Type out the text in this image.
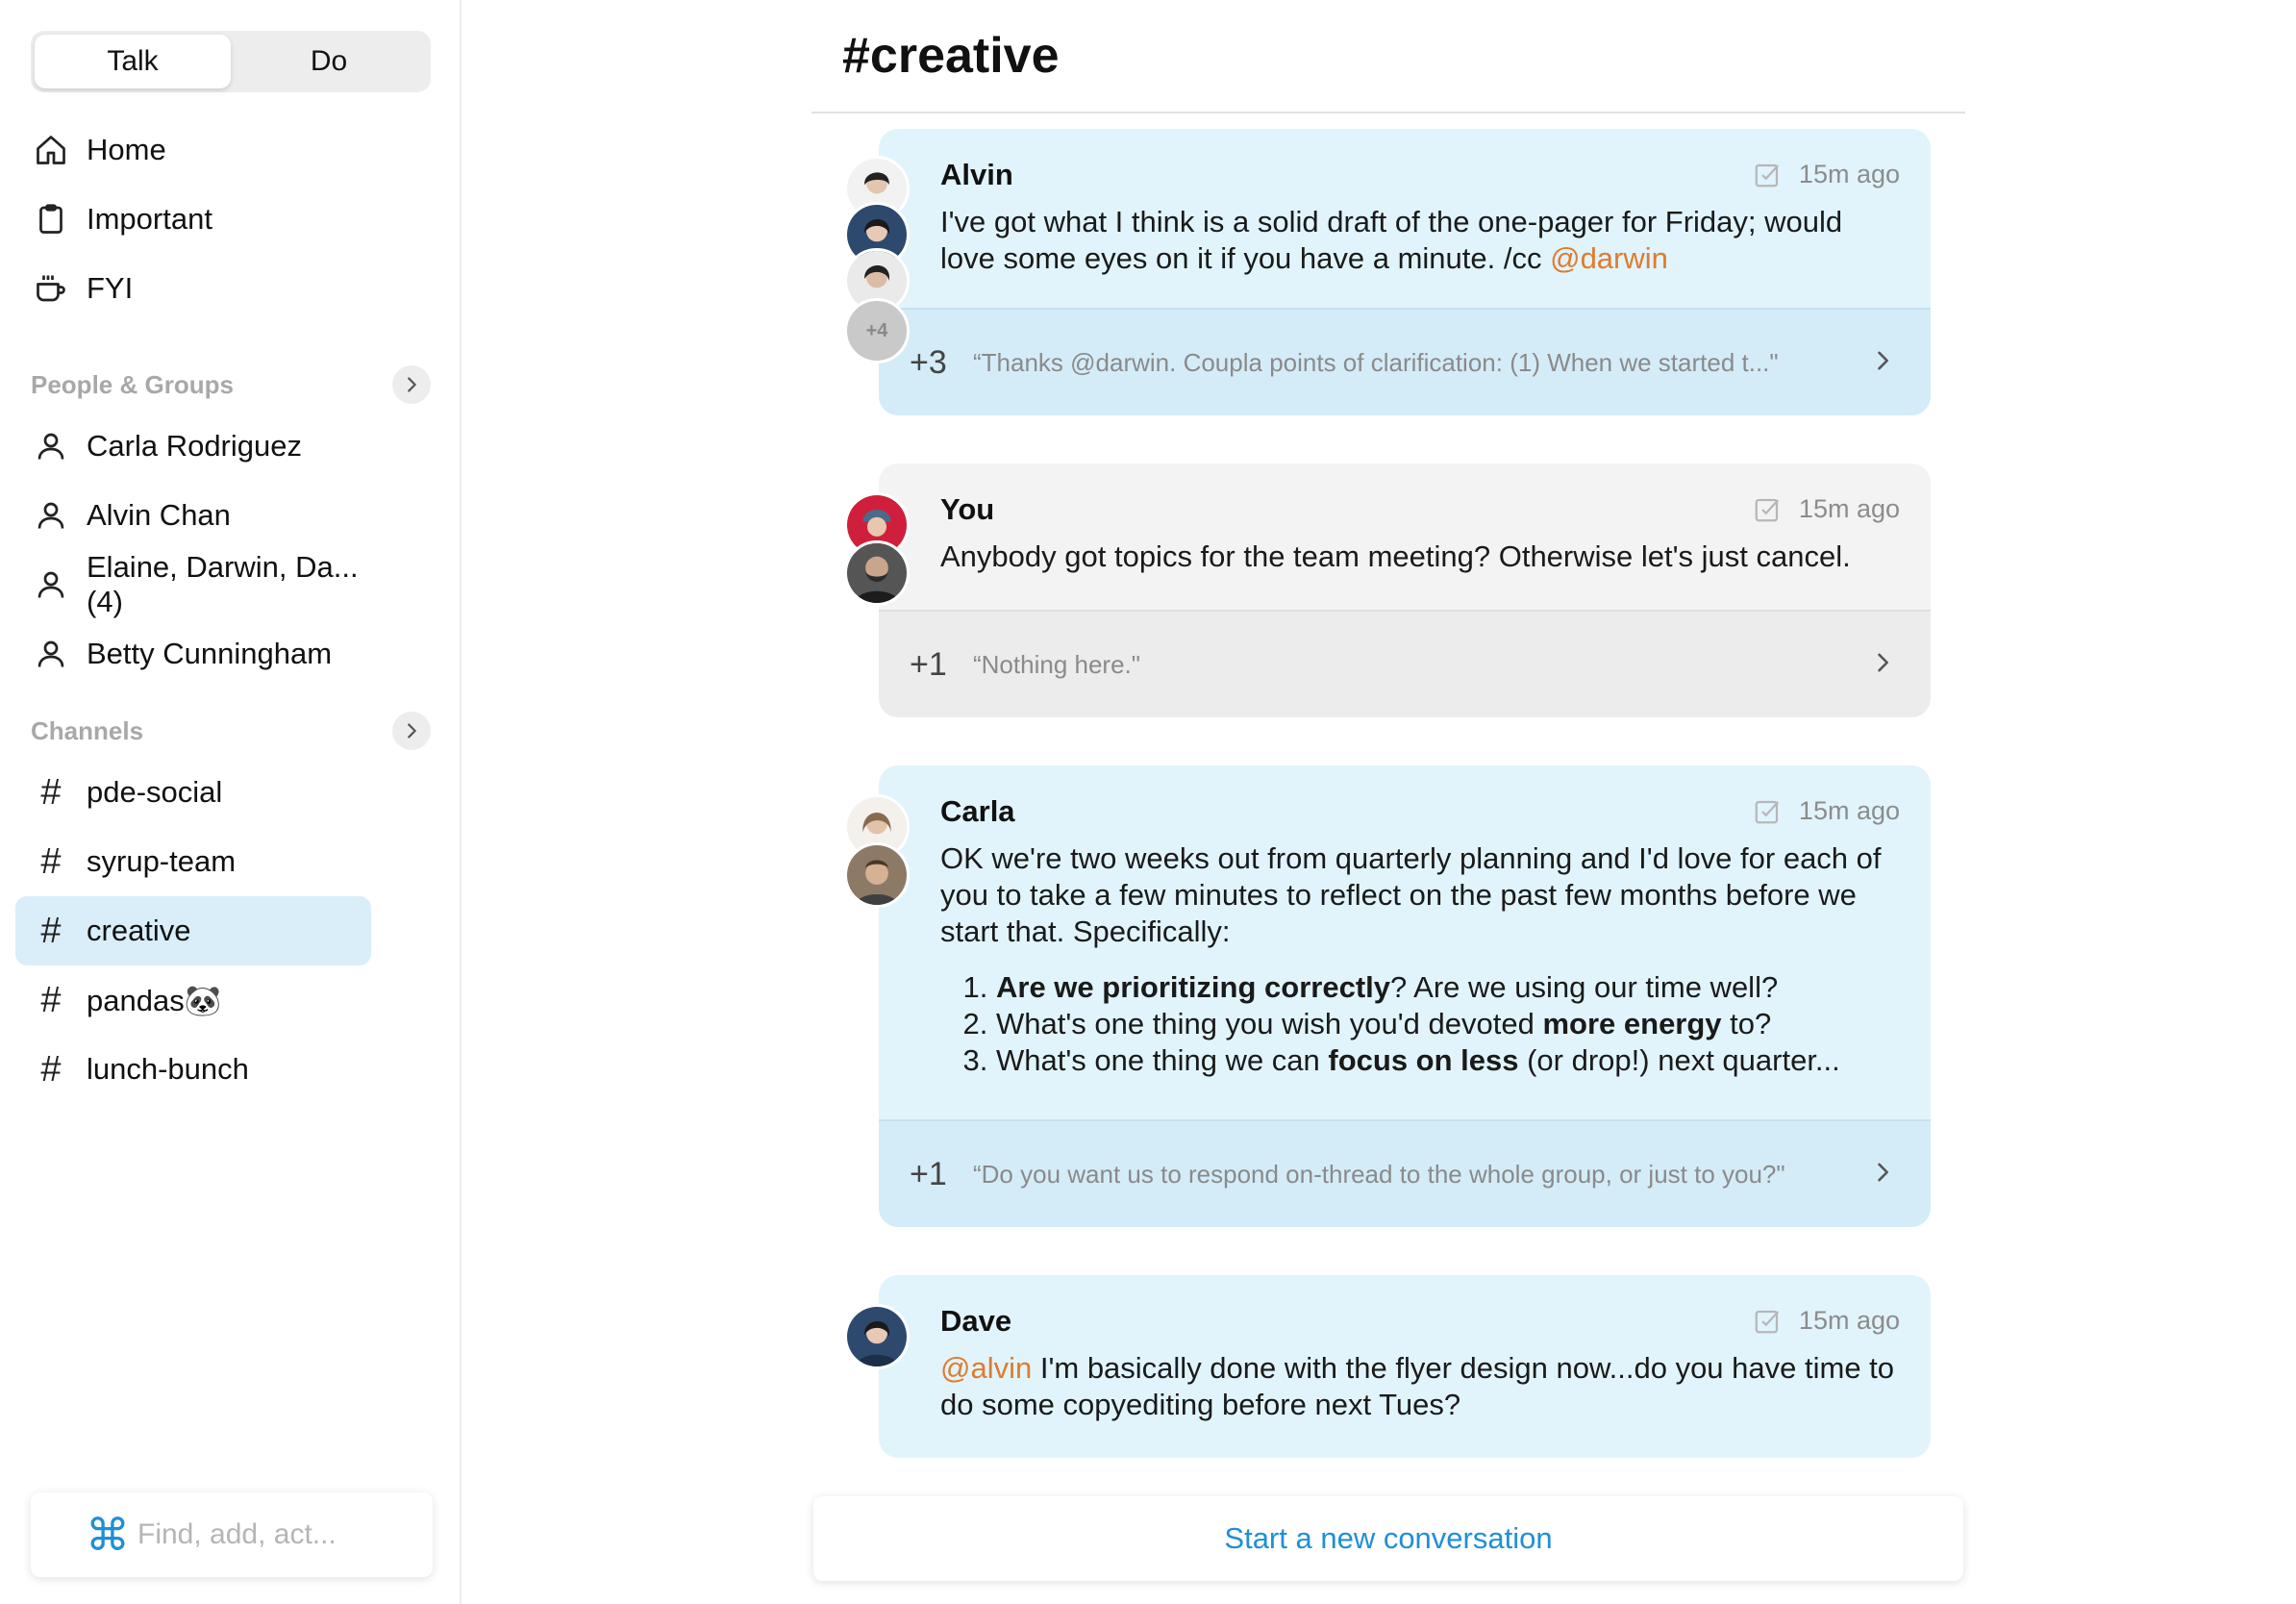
Talk	Do
Home
Important
FYI
People & Groups
Carla Rodriguez
Alvin Chan
Elaine, Darwin, Da... (4)
Betty Cunningham
Channels
# pde-social
# syrup-team
# creative
# pandas🐼
# lunch-bunch
⌘
Find, add, act...
#creative
Alvin	15m ago
I've got what I think is a solid draft of the one-pager for Friday; would love some eyes on it if you have a minute. /cc @darwin
+3	“Thanks @darwin. Coupla points of clarification: (1) When we started t..."
+4
You	15m ago
Anybody got topics for the team meeting? Otherwise let's just cancel.
+1	“Nothing here."
Carla	15m ago
OK we're two weeks out from quarterly planning and I'd love for each of you to take a few minutes to reflect on the past few months before we start that. Specifically:
1. Are we prioritizing correctly? Are we using our time well?
2. What's one thing you wish you'd devoted more energy to?
3. What's one thing we can focus on less (or drop!) next quarter...
+1	“Do you want us to respond on-thread to the whole group, or just to you?"
Dave	15m ago
@alvin I'm basically done with the flyer design now...do you have time to do some copyediting before next Tues?
Start a new conversation
